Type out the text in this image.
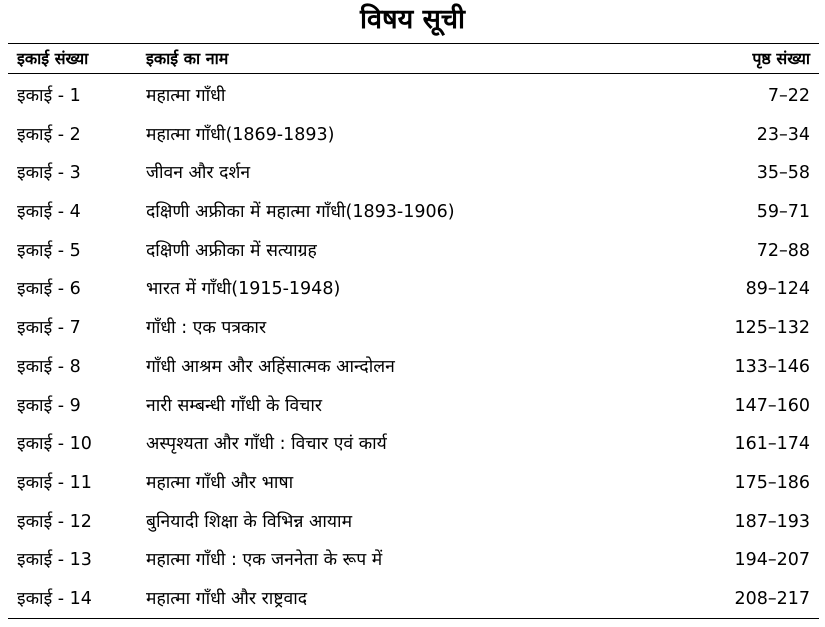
विषय सूची
इकाई संख्या	इकाई का नाम	पृष्ठ संख्या
इकाई - 1	महात्मा गाँधी	7–22
इकाई - 2	महात्मा गाँधी(1869-1893)	23–34
इकाई - 3	जीवन और दर्शन	35–58
इकाई - 4	दक्षिणी अफ्रीका में महात्मा गाँधी(1893-1906)	59–71
इकाई - 5	दक्षिणी अफ्रीका में सत्याग्रह	72–88
इकाई - 6	भारत में गाँधी(1915-1948)	89–124
इकाई - 7	गाँधी : एक पत्रकार	125–132
इकाई - 8	गाँधी आश्रम और अहिंसात्मक आन्दोलन	133–146
इकाई - 9	नारी सम्बन्धी गाँधी के विचार	147–160
इकाई - 10	अस्पृश्यता और गाँधी : विचार एवं कार्य	161–174
इकाई - 11	महात्मा गाँधी और भाषा	175–186
इकाई - 12	बुनियादी शिक्षा के विभिन्न आयाम	187–193
इकाई - 13	महात्मा गाँधी : एक जननेता के रूप में	194–207
इकाई - 14	महात्मा गाँधी और राष्ट्रवाद	208–217
